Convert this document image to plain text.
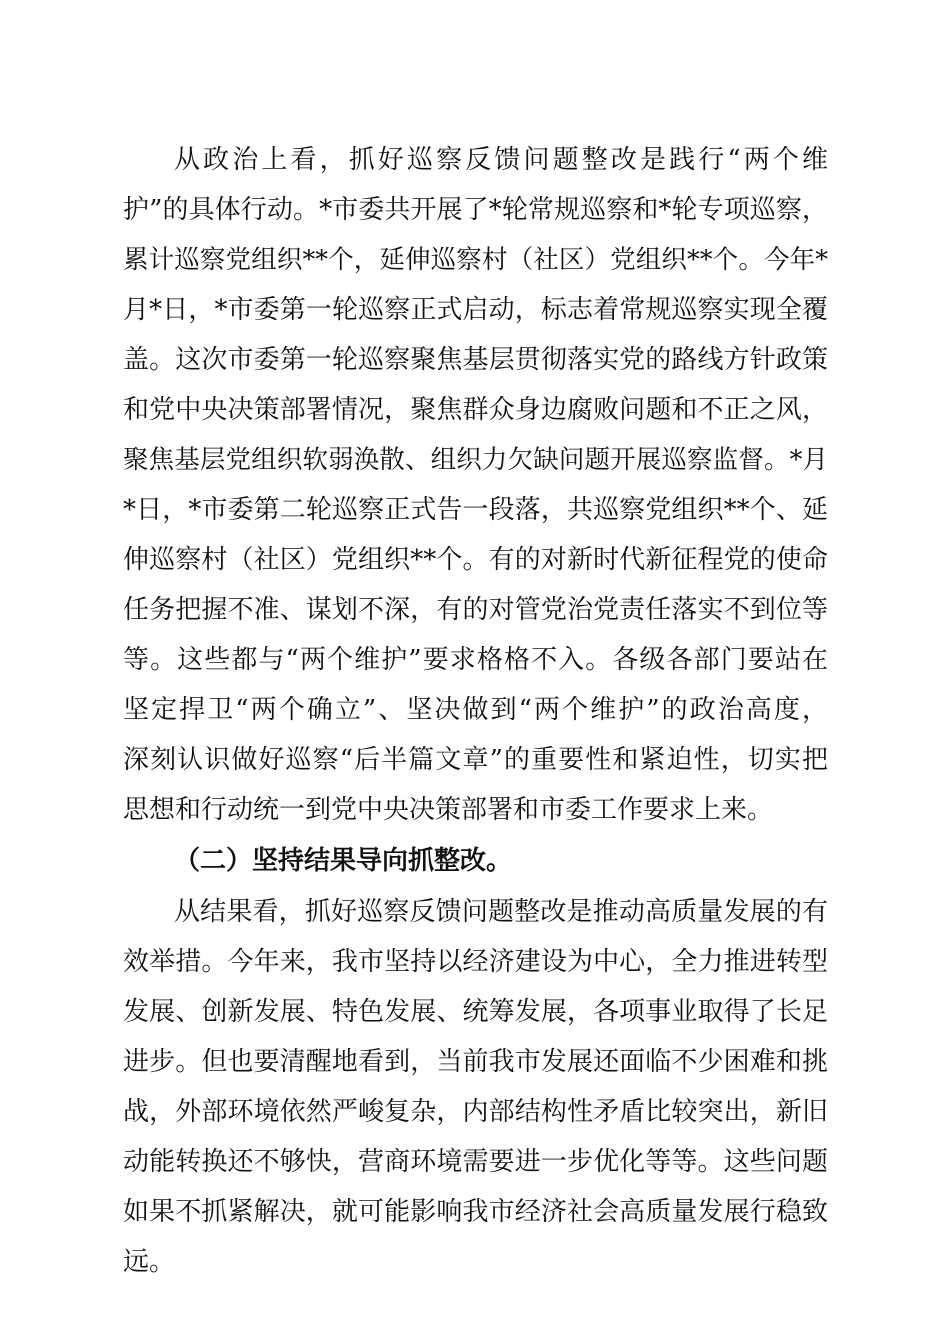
从政治上看，抓好巡察反馈问题整改是践行“两个维
护”的具体行动。*市委共开展了*轮常规巡察和*轮专项巡察，
累计巡察党组织**个，延伸巡察村（社区）党组织**个。今年*
月*日，*市委第一轮巡察正式启动，标志着常规巡察实现全覆
盖。这次市委第一轮巡察聚焦基层贯彻落实党的路线方针政策
和党中央决策部署情况，聚焦群众身边腐败问题和不正之风，
聚焦基层党组织软弱涣散、组织力欠缺问题开展巡察监督。*月
*日，*市委第二轮巡察正式告一段落，共巡察党组织**个、延
伸巡察村（社区）党组织**个。有的对新时代新征程党的使命
任务把握不准、谋划不深，有的对管党治党责任落实不到位等
等。这些都与“两个维护”要求格格不入。各级各部门要站在
坚定捍卫“两个确立”、坚决做到“两个维护”的政治高度，
深刻认识做好巡察“后半篇文章”的重要性和紧迫性，切实把
思想和行动统一到党中央决策部署和市委工作要求上来。
（二）坚持结果导向抓整改。
从结果看，抓好巡察反馈问题整改是推动高质量发展的有
效举措。今年来，我市坚持以经济建设为中心，全力推进转型
发展、创新发展、特色发展、统筹发展，各项事业取得了长足
进步。但也要清醒地看到，当前我市发展还面临不少困难和挑
战，外部环境依然严峻复杂，内部结构性矛盾比较突出，新旧
动能转换还不够快，营商环境需要进一步优化等等。这些问题
如果不抓紧解决，就可能影响我市经济社会高质量发展行稳致
远。
